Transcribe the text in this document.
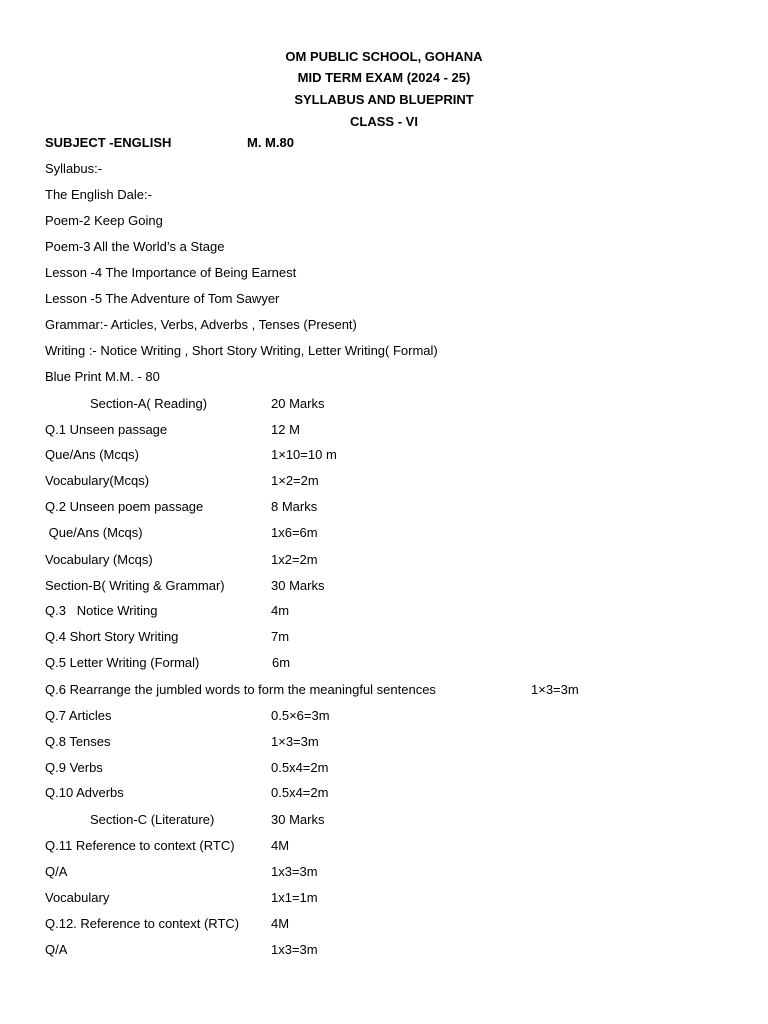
OM PUBLIC SCHOOL, GOHANA
MID TERM EXAM (2024 - 25)
SYLLABUS AND BLUEPRINT
CLASS - VI
SUBJECT -ENGLISH	M. M.80
Syllabus:-
The English Dale:-
Poem-2 Keep Going
Poem-3 All the World’s a Stage
Lesson -4 The Importance of Being Earnest
Lesson -5 The Adventure of Tom Sawyer
Grammar:- Articles, Verbs, Adverbs , Tenses (Present)
Writing :- Notice Writing , Short Story Writing, Letter Writing( Formal)
Blue Print M.M. - 80
Section-A( Reading)	20 Marks
Q.1 Unseen passage	12 M
Que/Ans (Mcqs)	1×10=10 m
Vocabulary(Mcqs)	1×2=2m
Q.2 Unseen poem passage	8 Marks
Que/Ans (Mcqs)	1x6=6m
Vocabulary (Mcqs)	1x2=2m
Section-B( Writing & Grammar)	30 Marks
Q.3   Notice Writing	4m
Q.4 Short Story Writing	7m
Q.5 Letter Writing (Formal)	6m
Q.6 Rearrange the jumbled words to form the meaningful sentences	1×3=3m
Q.7 Articles	0.5×6=3m
Q.8 Tenses	1×3=3m
Q.9 Verbs	0.5x4=2m
Q.10 Adverbs	0.5x4=2m
Section-C (Literature)	30 Marks
Q.11 Reference to context (RTC)	4M
Q/A	1x3=3m
Vocabulary	1x1=1m
Q.12. Reference to context (RTC) 4M
Q/A	1x3=3m
